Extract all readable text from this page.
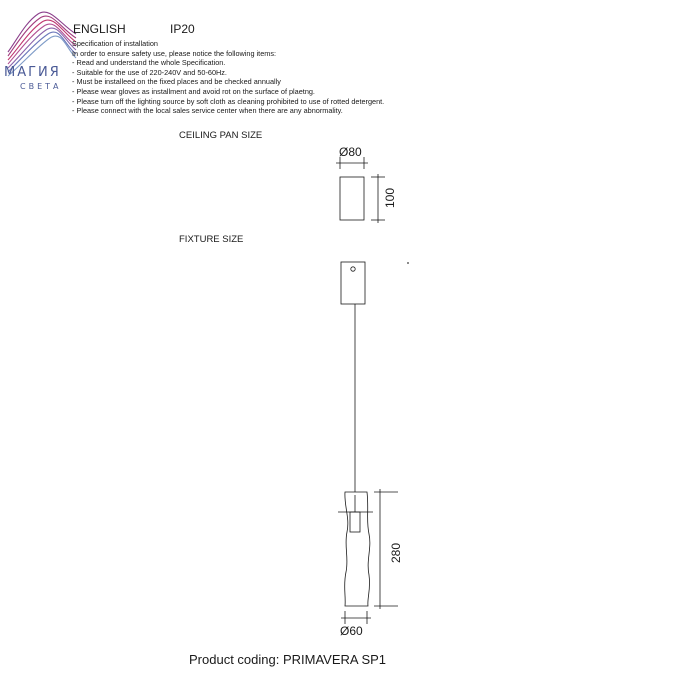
МАГИЯ
СВЕТА
ENGLISH	IP20
Specification of installation
In order to ensure safety use, please notice the following items:
- Read and understand the whole Specification.
- Suitable for the use of 220-240V and 50-60Hz.
- Must be installeed on the fixed places and be checked annually
- Please wear gloves as installment and avoid rot on the surface of plaetng.
- Please turn off the lighting source by soft cloth as cleaning prohibited to use of rotted detergent.
- Please connect with the local sales service center when there are any abnormality.
CEILING PAN SIZE
FIXTURE SIZE
Ø80
100
280
Ø60
Product coding: PRIMAVERA SP1
